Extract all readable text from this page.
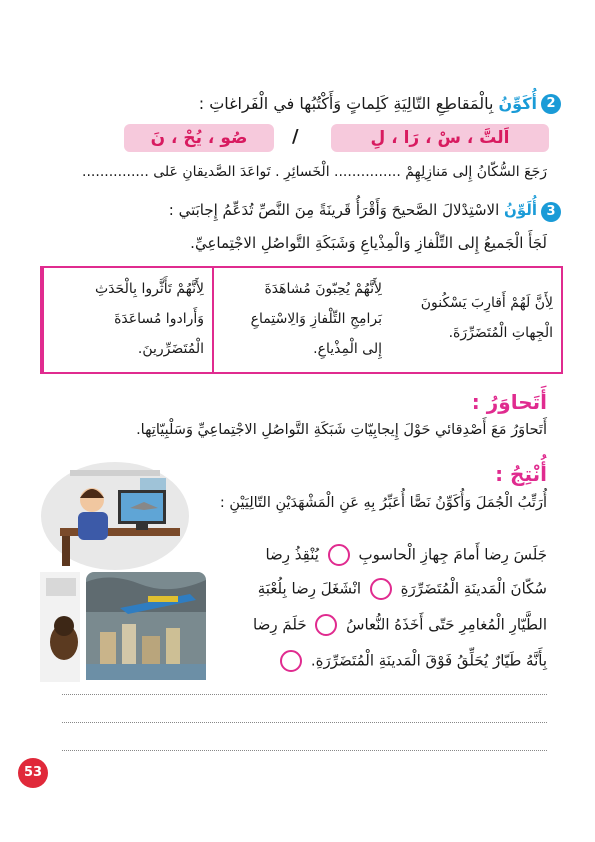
2
أُكَوِّنُ بِالْمَقاطِعِ التّالِيَةِ كَلِماتٍ وَأَكْتُبُها في الْفَراغاتِ :
اَلتَّ ، سْ ، رَا ، لِ
/
صُو ، يُحْ ، نَ
رَجَعَ السُّكّانُ إِلى مَنازِلِهِمْ ............... الْخَسائِرِ . تَواعَدَ الصَّديقانِ عَلى ...............
3
أُلَوِّنُ الاسْتِدْلالَ الصَّحيحَ وَأَقْرَأُ قَرينَةً مِنَ النَّصِّ تُدَعِّمُ إِجابَتي :
لَجَأَ الْجَميعُ إِلى التِّلْفازِ وَالْمِذْياعِ وَشَبَكَةِ التَّواصُلِ الاجْتِماعِيِّ.
لِأَنَّهُمْ تَأَثَّروا بِالْحَدَثِ
وَأَرادوا مُساعَدَةَ
الْمُتَضَرِّرينَ.
لِأَنَّهُمْ يُحِبّونَ مُشاهَدَةَ
بَرامِجِ التِّلْفازِ وَالِاسْتِماعِ
إِلى الْمِذْياعِ.
لِأَنَّ لَهُمْ أَقارِبَ يَسْكُنونَ
الْجِهاتِ الْمُتَضَرِّرَةَ.
أَتَحاوَرُ :
أَتَحاوَرُ مَعَ أَصْدِقائي حَوْلَ إِيجابِيّاتِ شَبَكَةِ التَّواصُلِ الاجْتِماعِيِّ وَسَلْبِيّاتِها.
أُنْتِجُ :
أُرَتِّبُ الْجُمَلَ وَأُكَوِّنُ نَصًّا أُعَبِّرُ بِهِ عَنِ الْمَشْهَدَيْنِ التّالِيَيْنِ :
جَلَسَ رِضا أَمامَ جِهازِ الْحاسوبِ  يُنْقِذُ رِضا
سُكّانَ الْمَدينَةِ الْمُتَضَرِّرَةِ  انْشَغَلَ رِضا بِلُعْبَةِ
الطَّيّارِ الْمُغامِرِ حَتّى أَخَذَهُ النُّعاسُ  حَلَمَ رِضا
بِأَنَّهُ طَيّارٌ يُحَلِّقُ فَوْقَ الْمَدينَةِ الْمُتَضَرِّرَةِ.
53
